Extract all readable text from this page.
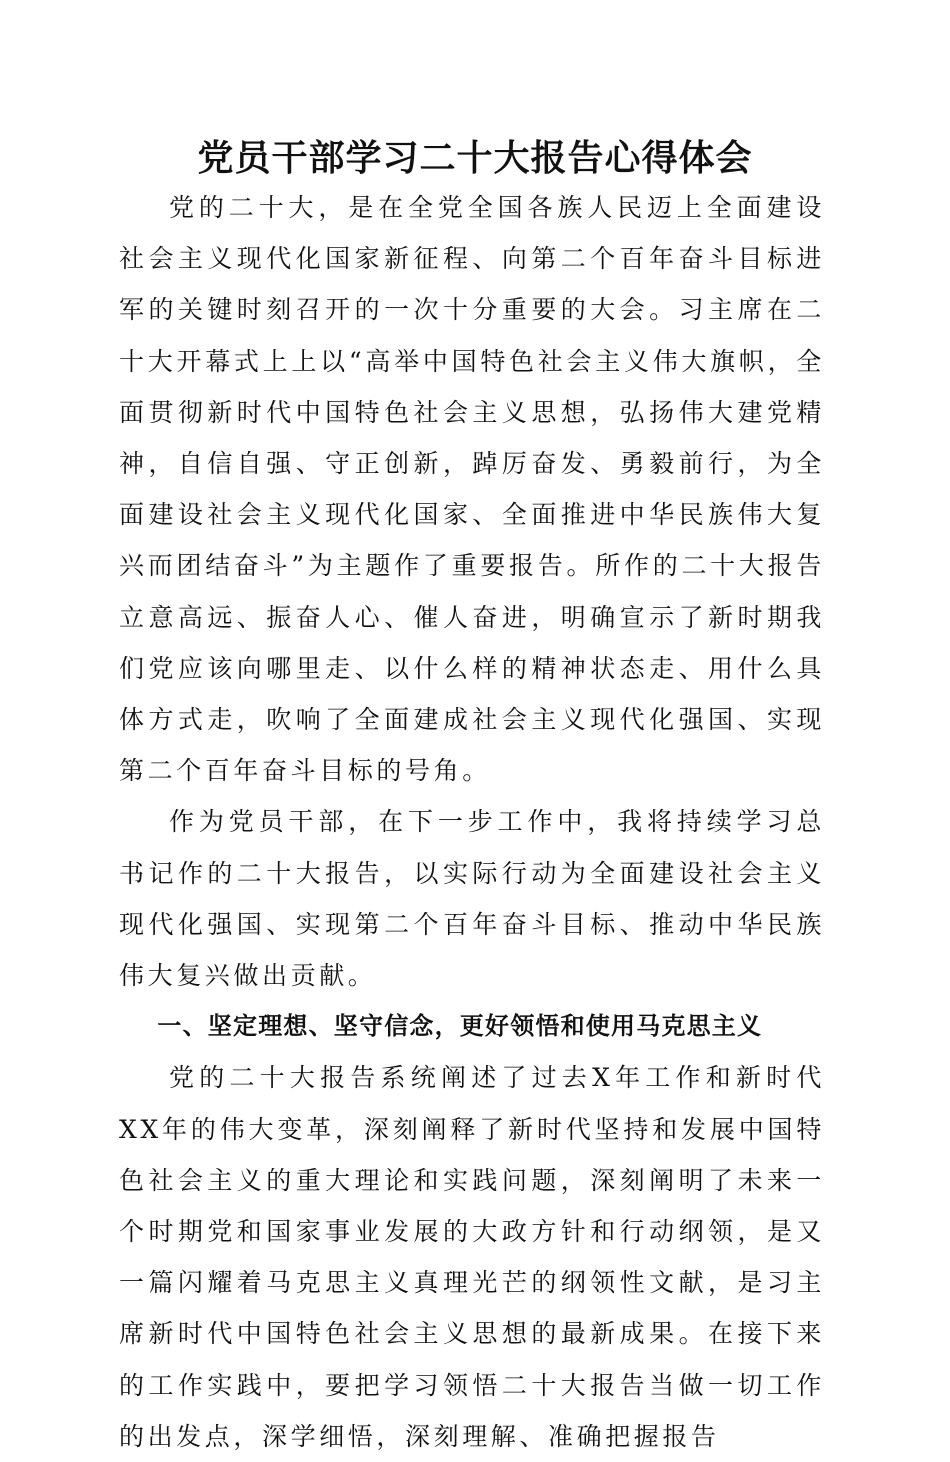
党员干部学习二十大报告心得体会

党的二十大，是在全党全国各族人民迈上全面建设社会主义现代化国家新征程、向第二个百年奋斗目标进军的关键时刻召开的一次十分重要的大会。习主席在二十大开幕式上上以“高举中国特色社会主义伟大旗帜，全面贯彻新时代中国特色社会主义思想，弘扬伟大建党精神，自信自强、守正创新，踔厉奋发、勇毅前行，为全面建设社会主义现代化国家、全面推进中华民族伟大复兴而团结奋斗”为主题作了重要报告。所作的二十大报告立意高远、振奋人心、催人奋进，明确宣示了新时期我们党应该向哪里走、以什么样的精神状态走、用什么具体方式走，吹响了全面建成社会主义现代化强国、实现第二个百年奋斗目标的号角。

作为党员干部，在下一步工作中，我将持续学习总书记作的二十大报告，以实际行动为全面建设社会主义现代化强国、实现第二个百年奋斗目标、推动中华民族伟大复兴做出贡献。

一、坚定理想、坚守信念，更好领悟和使用马克思主义

党的二十大报告系统阐述了过去X年工作和新时代XX年的伟大变革，深刻阐释了新时代坚持和发展中国特色社会主义的重大理论和实践问题，深刻阐明了未来一个时期党和国家事业发展的大政方针和行动纲领，是又一篇闪耀着马克思主义真理光芒的纲领性文献，是习主席新时代中国特色社会主义思想的最新成果。在接下来的工作实践中，要把学习领悟二十大报告当做一切工作的出发点，深学细悟，深刻理解、准确把握报告
